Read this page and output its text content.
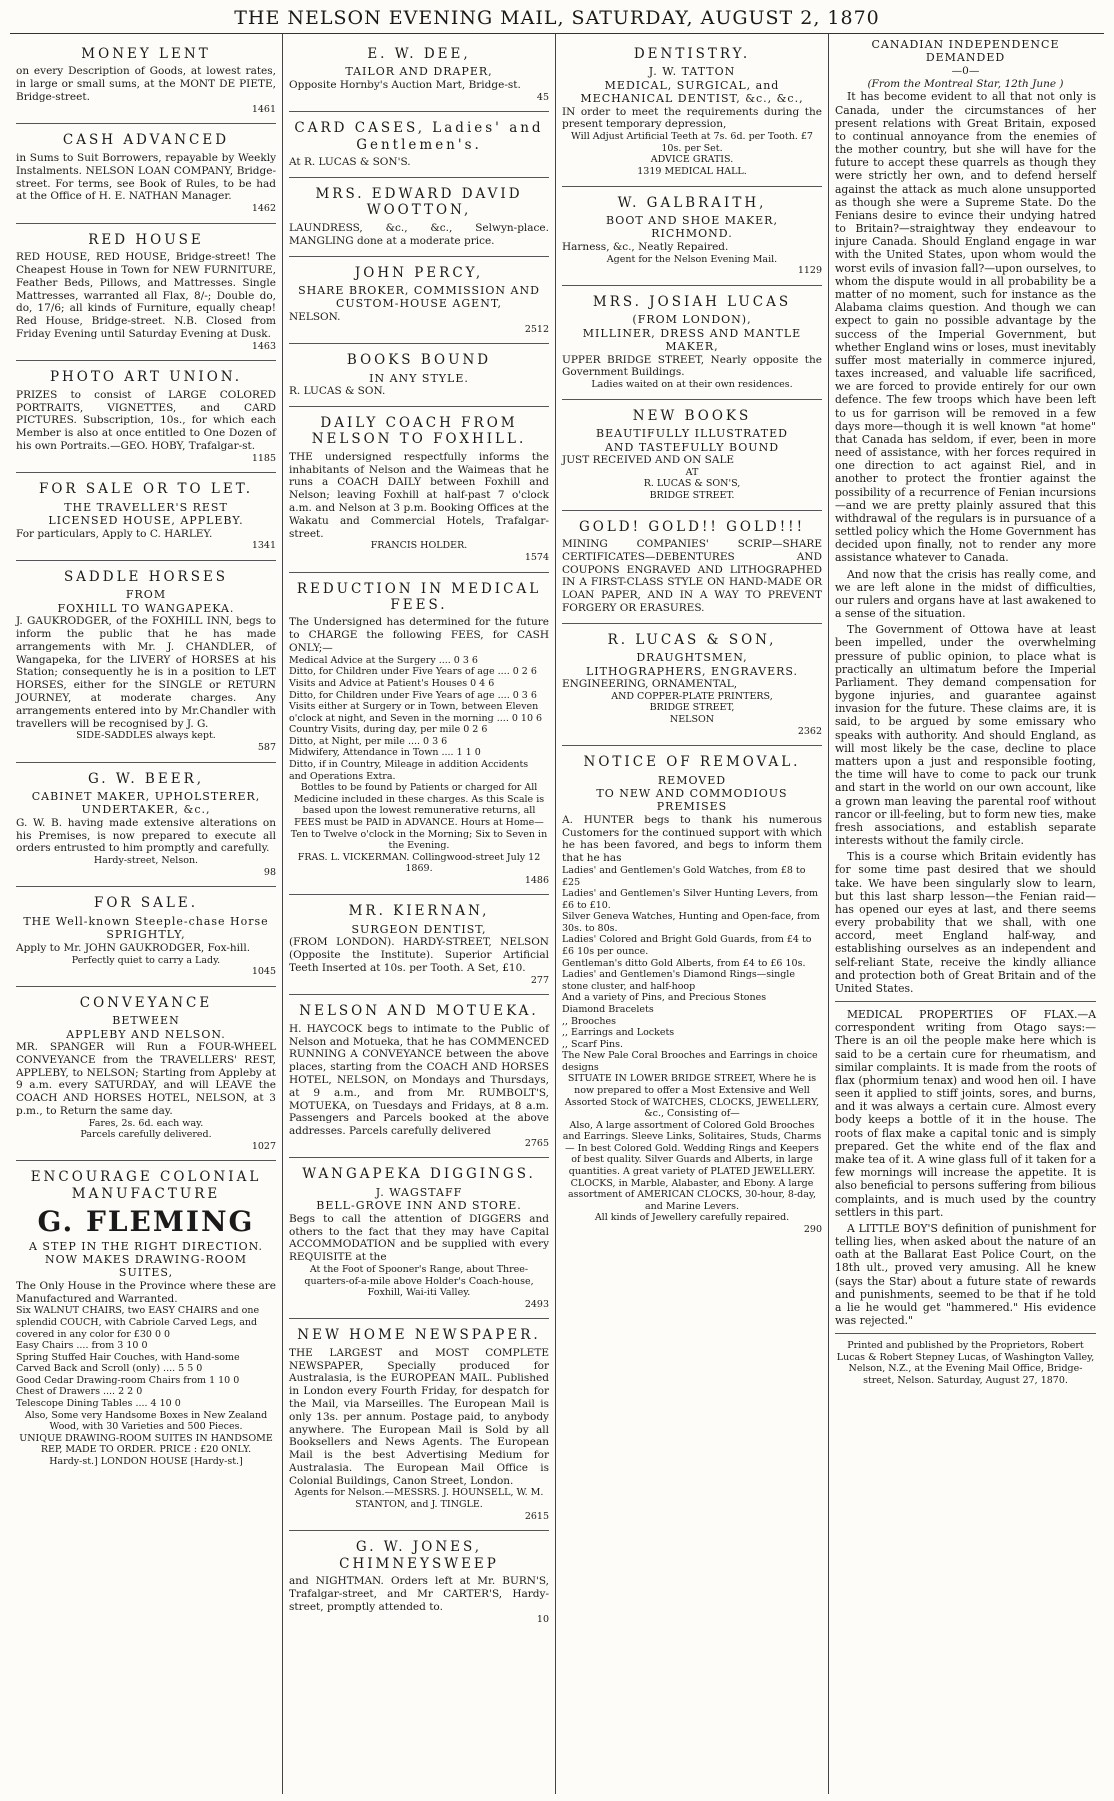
THE NELSON EVENING MAIL, SATURDAY, AUGUST 2, 1870
MONEY LENT
on every Description of Goods, at lowest rates, in large or small sums, at the MONT DE PIETE, Bridge-street.
1461
CASH ADVANCED
in Sums to Suit Borrowers, repayable by Weekly Instalments. NELSON LOAN COMPANY, Bridge-street. For terms, see Book of Rules, to be had at the Office of H. E. NATHAN Manager.
1462
RED HOUSE
RED HOUSE, RED HOUSE, Bridge-street! The Cheapest House in Town for NEW FURNITURE, Feather Beds, Pillows, and Mattresses. Single Mattresses, warranted all Flax, 8/-; Double do, do, 17/6; all kinds of Furniture, equally cheap! Red House, Bridge-street. N.B. Closed from Friday Evening until Saturday Evening at Dusk.
1463
PHOTO ART UNION.
PRIZES to consist of LARGE COLORED PORTRAITS, VIGNETTES, and CARD PICTURES. Subscription, 10s., for which each Member is also at once entitled to One Dozen of his own Portraits.—GEO. HOBY, Trafalgar-st.
1185
FOR SALE OR TO LET.
THE TRAVELLER'S REST
LICENSED HOUSE, APPLEBY.
For particulars, Apply to C. HARLEY.
1341
SADDLE HORSES
FROM
FOXHILL TO WANGAPEKA.
J. GAUKRODGER, of the FOXHILL INN, begs to inform the public that he has made arrangements with Mr. J. CHANDLER, of Wangapeka, for the LIVERY of HORSES at his Station; consequently he is in a position to LET HORSES, either for the SINGLE or RETURN JOURNEY, at moderate charges. Any arrangements entered into by Mr.Chandler with travellers will be recognised by J. G.
SIDE-SADDLES always kept.
587
G. W. BEER,
CABINET MAKER, UPHOLSTERER,
UNDERTAKER, &c.,
G. W. B. having made extensive alterations on his Premises, is now prepared to execute all orders entrusted to him promptly and carefully.
Hardy-street, Nelson.
98
FOR SALE.
THE Well-known Steeple-chase Horse
SPRIGHTLY,
Apply to Mr. JOHN GAUKRODGER, Fox-hill.
Perfectly quiet to carry a Lady.
1045
CONVEYANCE
BETWEEN
APPLEBY AND NELSON.
MR. SPANGER will Run a FOUR-WHEEL CONVEYANCE from the TRAVELLERS' REST, APPLEBY, to NELSON; Starting from Appleby at 9 a.m. every SATURDAY, and will LEAVE the COACH AND HORSES HOTEL, NELSON, at 3 p.m., to Return the same day.
Fares, 2s. 6d. each way.
Parcels carefully delivered.
1027
ENCOURAGE COLONIAL MANUFACTURE
G. FLEMING
A STEP IN THE RIGHT DIRECTION.
NOW MAKES DRAWING-ROOM SUITES,
The Only House in the Province where these are Manufactured and Warranted.
Six WALNUT CHAIRS, two EASY CHAIRS and one splendid COUCH, with Cabriole Carved Legs, and covered in any color for £30 0 0
Easy Chairs .... from 3 10 0
Spring Stuffed Hair Couches, with Hand-some Carved Back and Scroll (only) .... 5 5 0
Good Cedar Drawing-room Chairs from 1 10 0
Chest of Drawers .... 2 2 0
Telescope Dining Tables .... 4 10 0
Also, Some very Handsome Boxes in New Zealand Wood, with 30 Varieties and 500 Pieces.
UNIQUE DRAWING-ROOM SUITES IN HANDSOME REP, MADE TO ORDER. PRICE : £20 ONLY.
Hardy-st.] LONDON HOUSE [Hardy-st.]
E. W. DEE,
TAILOR AND DRAPER,
Opposite Hornby's Auction Mart, Bridge-st.
45
CARD CASES, Ladies' and Gentlemen's.
At R. LUCAS & SON'S.
MRS. EDWARD DAVID WOOTTON,
LAUNDRESS, &c., &c., Selwyn-place. MANGLING done at a moderate price.
JOHN PERCY,
SHARE BROKER, COMMISSION AND CUSTOM-HOUSE AGENT,
NELSON.
2512
BOOKS BOUND
IN ANY STYLE.
R. LUCAS & SON.
DAILY COACH FROM NELSON TO FOXHILL.
THE undersigned respectfully informs the inhabitants of Nelson and the Waimeas that he runs a COACH DAILY between Foxhill and Nelson; leaving Foxhill at half-past 7 o'clock a.m. and Nelson at 3 p.m. Booking Offices at the Wakatu and Commercial Hotels, Trafalgar-street.
FRANCIS HOLDER.
1574
REDUCTION IN MEDICAL FEES.
The Undersigned has determined for the future to CHARGE the following FEES, for CASH ONLY;—
Medical Advice at the Surgery .... 0 3 6
Ditto, for Children under Five Years of age .... 0 2 6
Visits and Advice at Patient's Houses 0 4 6
Ditto, for Children under Five Years of age .... 0 3 6
Visits either at Surgery or in Town, between Eleven o'clock at night, and Seven in the morning .... 0 10 6
Country Visits, during day, per mile 0 2 6
Ditto, at Night, per mile .... 0 3 6
Midwifery, Attendance in Town .... 1 1 0
Ditto, if in Country, Mileage in addition Accidents and Operations Extra.
Bottles to be found by Patients or charged for All Medicine included in these charges. As this Scale is based upon the lowest remunerative returns, all FEES must be PAID in ADVANCE. Hours at Home—Ten to Twelve o'clock in the Morning; Six to Seven in the Evening.
FRAS. L. VICKERMAN. Collingwood-street July 12 1869.
1486
MR. KIERNAN,
SURGEON DENTIST,
(FROM LONDON). HARDY-STREET, NELSON (Opposite the Institute). Superior Artificial Teeth Inserted at 10s. per Tooth. A Set, £10.
277
NELSON AND MOTUEKA.
H. HAYCOCK begs to intimate to the Public of Nelson and Motueka, that he has COMMENCED RUNNING A CONVEYANCE between the above places, starting from the COACH AND HORSES HOTEL, NELSON, on Mondays and Thursdays, at 9 a.m., and from Mr. RUMBOLT'S, MOTUEKA, on Tuesdays and Fridays, at 8 a.m. Passengers and Parcels booked at the above addresses. Parcels carefully delivered
2765
WANGAPEKA DIGGINGS.
J. WAGSTAFF
BELL-GROVE INN AND STORE.
Begs to call the attention of DIGGERS and others to the fact that they may have Capital ACCOMMODATION and be supplied with every REQUISITE at the
At the Foot of Spooner's Range, about Three-quarters-of-a-mile above Holder's Coach-house, Foxhill, Wai-iti Valley.
2493
NEW HOME NEWSPAPER.
THE LARGEST and MOST COMPLETE NEWSPAPER, Specially produced for Australasia, is the EUROPEAN MAIL. Published in London every Fourth Friday, for despatch for the Mail, via Marseilles. The European Mail is only 13s. per annum. Postage paid, to anybody anywhere. The European Mail is Sold by all Booksellers and News Agents. The European Mail is the best Advertising Medium for Australasia. The European Mail Office is Colonial Buildings, Canon Street, London.
Agents for Nelson.—MESSRS. J. HOUNSELL, W. M. STANTON, and J. TINGLE.
2615
G. W. JONES, CHIMNEYSWEEP
and NIGHTMAN. Orders left at Mr. BURN'S, Trafalgar-street, and Mr CARTER'S, Hardy-street, promptly attended to.
10
DENTISTRY.
J. W. TATTON
MEDICAL, SURGICAL, and MECHANICAL DENTIST, &c., &c.,
IN order to meet the requirements during the present temporary depression,
Will Adjust Artificial Teeth at 7s. 6d. per Tooth. £7 10s. per Set.
ADVICE GRATIS.
1319 MEDICAL HALL.
W. GALBRAITH,
BOOT AND SHOE MAKER,
RICHMOND.
Harness, &c., Neatly Repaired.
Agent for the Nelson Evening Mail.
1129
MRS. JOSIAH LUCAS
(FROM LONDON),
MILLINER, DRESS AND MANTLE MAKER,
UPPER BRIDGE STREET, Nearly opposite the Government Buildings.
Ladies waited on at their own residences.
NEW BOOKS
BEAUTIFULLY ILLUSTRATED
AND TASTEFULLY BOUND
JUST RECEIVED AND ON SALE
AT
R. LUCAS & SON'S,
BRIDGE STREET.
GOLD! GOLD!! GOLD!!!
MINING COMPANIES' SCRIP—SHARE CERTIFICATES—DEBENTURES AND COUPONS ENGRAVED AND LITHOGRAPHED IN A FIRST-CLASS STYLE ON HAND-MADE OR LOAN PAPER, AND IN A WAY TO PREVENT FORGERY OR ERASURES.
R. LUCAS & SON,
DRAUGHTSMEN,
LITHOGRAPHERS, ENGRAVERS.
ENGINEERING, ORNAMENTAL,
AND COPPER-PLATE PRINTERS,
BRIDGE STREET,
NELSON
2362
NOTICE OF REMOVAL.
REMOVED
TO NEW AND COMMODIOUS PREMISES
A. HUNTER begs to thank his numerous Customers for the continued support with which he has been favored, and begs to inform them that he has
Ladies' and Gentlemen's Gold Watches, from £8 to £25
Ladies' and Gentlemen's Silver Hunting Levers, from £6 to £10.
Silver Geneva Watches, Hunting and Open-face, from 30s. to 80s.
Ladies' Colored and Bright Gold Guards, from £4 to £6 10s per ounce.
Gentleman's ditto Gold Alberts, from £4 to £6 10s.
Ladies' and Gentlemen's Diamond Rings—single stone cluster, and half-hoop
And a variety of Pins, and Precious Stones
Diamond Bracelets
,, Brooches
,, Earrings and Lockets
,, Scarf Pins.
The New Pale Coral Brooches and Earrings in choice designs
SITUATE IN LOWER BRIDGE STREET, Where he is now prepared to offer a Most Extensive and Well Assorted Stock of WATCHES, CLOCKS, JEWELLERY, &c., Consisting of—
Also, A large assortment of Colored Gold Brooches and Earrings. Sleeve Links, Solitaires, Studs, Charms — In best Colored Gold. Wedding Rings and Keepers of best quality. Silver Guards and Alberts, in large quantities. A great variety of PLATED JEWELLERY. CLOCKS, in Marble, Alabaster, and Ebony. A large assortment of AMERICAN CLOCKS, 30-hour, 8-day, and Marine Levers.
All kinds of Jewellery carefully repaired.
290
CANADIAN INDEPENDENCE DEMANDED
—0—
(From the Montreal Star, 12th June )

It has become evident to all that not only is Canada, under the circumstances of her present relations with Great Britain, exposed to continual annoyance from the enemies of the mother country, but she will have for the future to accept these quarrels as though they were strictly her own, and to defend herself against the attack as much alone unsupported as though she were a Supreme State. Do the Fenians desire to evince their undying hatred to Britain?—straightway they endeavour to injure Canada. Should England engage in war with the United States, upon whom would the worst evils of invasion fall?—upon ourselves, to whom the dispute would in all probability be a matter of no moment, such for instance as the Alabama claims question. And though we can expect to gain no possible advantage by the success of the Imperial Government, but whether England wins or loses, must inevitably suffer most materially in commerce injured, taxes increased, and valuable life sacrificed, we are forced to provide entirely for our own defence. The few troops which have been left to us for garrison will be removed in a few days more—though it is well known "at home" that Canada has seldom, if ever, been in more need of assistance, with her forces required in one direction to act against Riel, and in another to protect the frontier against the possibility of a recurrence of Fenian incursions—and we are pretty plainly assured that this withdrawal of the regulars is in pursuance of a settled policy which the Home Government has decided upon finally, not to render any more assistance whatever to Canada.

And now that the crisis has really come, and we are left alone in the midst of difficulties, our rulers and organs have at last awakened to a sense of the situation.

The Government of Ottowa have at least been impelled, under the overwhelming pressure of public opinion, to place what is practically an ultimatum before the Imperial Parliament. They demand compensation for bygone injuries, and guarantee against invasion for the future. These claims are, it is said, to be argued by some emissary who speaks with authority. And should England, as will most likely be the case, decline to place matters upon a just and responsible footing, the time will have to come to pack our trunk and start in the world on our own account, like a grown man leaving the parental roof without rancor or ill-feeling, but to form new ties, make fresh associations, and establish separate interests without the family circle.

This is a course which Britain evidently has for some time past desired that we should take. We have been singularly slow to learn, but this last sharp lesson—the Fenian raid—has opened our eyes at last, and there seems every probability that we shall, with one accord, meet England half-way, and establishing ourselves as an independent and self-reliant State, receive the kindly alliance and protection both of Great Britain and of the United States.

MEDICAL PROPERTIES OF FLAX.—A correspondent writing from Otago says:—There is an oil the people make here which is said to be a certain cure for rheumatism, and similar complaints. It is made from the roots of flax (phormium tenax) and wood hen oil. I have seen it applied to stiff joints, sores, and burns, and it was always a certain cure. Almost every body keeps a bottle of it in the house. The roots of flax make a capital tonic and is simply prepared. Get the white end of the flax and make tea of it. A wine glass full of it taken for a few mornings will increase the appetite. It is also beneficial to persons suffering from bilious complaints, and is much used by the country settlers in this part.

A LITTLE BOY'S definition of punishment for telling lies, when asked about the nature of an oath at the Ballarat East Police Court, on the 18th ult., proved very amusing. All he knew (says the Star) about a future state of rewards and punishments, seemed to be that if he told a lie he would get "hammered." His evidence was rejected."

Printed and published by the Proprietors, Robert Lucas & Robert Stepney Lucas, of Washington Valley, Nelson, N.Z., at the Evening Mail Office, Bridge-street, Nelson. Saturday, August 27, 1870.
